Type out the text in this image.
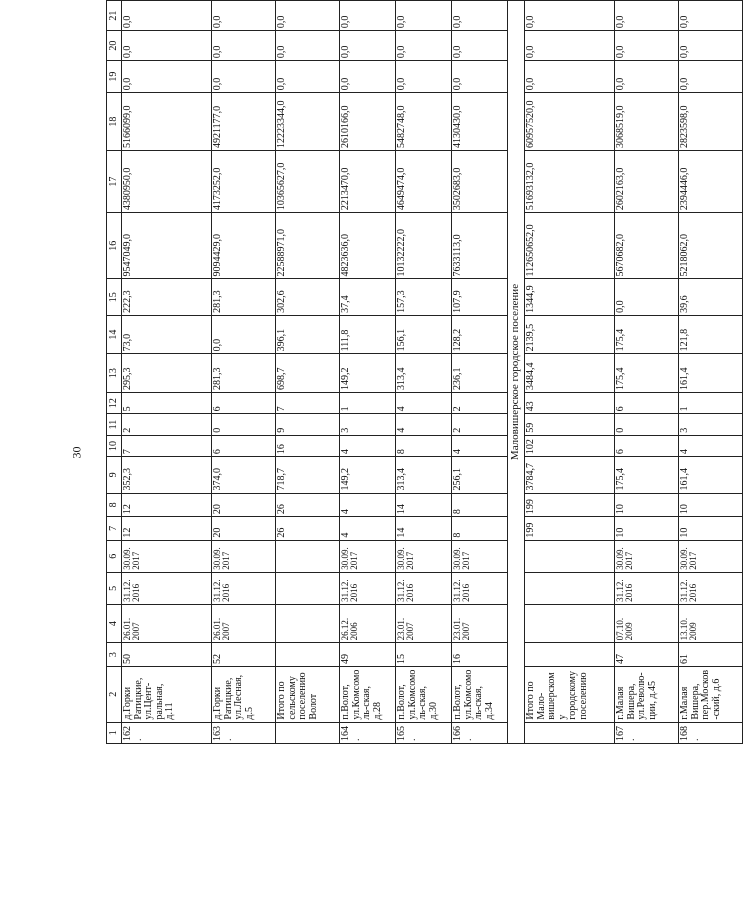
30
1	2	3	4	5	6	7	8	9	10	11	12	13	14	15	16	17	18	19	20	21
162.	д.Горки Ратицкие, ул.Цент-ральная, д.11	50	26.01. 2007	31.12. 2016	30.09. 2017	12	12	352,3	7	2	5	295,3	73,0	222,3	9547049,0	4380950,0	5166099,0	0,0	0,0	0,0
163.	д.Горки Ратицкие, ул.Лесная, д.5	52	26.01. 2007	31.12. 2016	30.09. 2017	20	20	374,0	6	0	6	281,3	0,0	281,3	9094429,0	4173252,0	4921177,0	0,0	0,0	0,0
	Итого по сельскому поселению Волот					26	26	718,7	16	9	7	698,7	396,1	302,6	22588971,0	10365627,0	12223344,0	0,0	0,0	0,0
164.	п.Волот, ул.Комсомоль-ская, д.28	49	26.12. 2006	31.12. 2016	30.09. 2017	4	4	149,2	4	3	1	149,2	111,8	37,4	4823636,0	2213470,0	2610166,0	0,0	0,0	0,0
165.	п.Волот, ул.Комсомоль-ская, д.30	15	23.01. 2007	31.12. 2016	30.09. 2017	14	14	313,4	8	4	4	313,4	156,1	157,3	10132222,0	4649474,0	5482748,0	0,0	0,0	0,0
166.	п.Волот, ул.Комсомоль-ская, д.34	16	23.01. 2007	31.12. 2016	30.09. 2017	8	8	256,1	4	2	2	236,1	128,2	107,9	7633113,0	3502683,0	4130430,0	0,0	0,0	0,0
Маловишерское городское поселение																				
	Итого по Мало-вишерскому городскому поселению					199	199	3784,7	102	59	43	3484,4	2139,5	1344,9	112650652,0	51693132,0	60957520,0	0,0	0,0	0,0
167.	г.Малая Вишера, ул.Револю-ции, д.45	47	07.10. 2009	31.12. 2016	30.09. 2017	10	10	175,4	6	0	6	175,4	175,4	0,0	5670682,0	2602163,0	3068519,0	0,0	0,0	0,0
168.	г.Малая Вишера, пер.Москов-ский, д.6	61	13.10. 2009	31.12. 2016	30.09. 2017	10	10	161,4	4	3	1	161,4	121,8	39,6	5218062,0	2394446,0	2823598,0	0,0	0,0	0,0
